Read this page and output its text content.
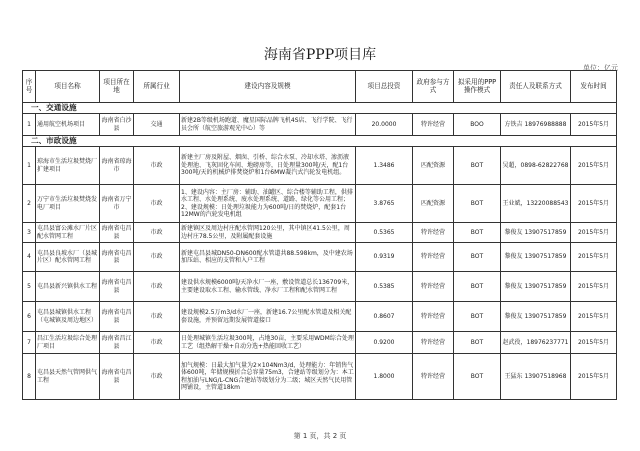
海南省PPP项目库
单位：亿元
序号	项目名称	项目所在地	所属行业	建设内容及规模	项目总投资	政府参与方式	拟采用的PPP操作模式	责任人及联系方式	发布时间
一、交通设施									
1	通用航空机场项目	海南省白沙县	交通	新建2B等级机场跑道、魔星国际品牌飞机4S店、飞行学院、飞行员会所（航空旅游观光中心）等	20.0000	特许经营	BOO	方铁吉 18976988888	2015年5月
二、市政设施									
1	琼海市生活垃圾焚烧厂扩建项目	海南省琼海市	市政	新建主厂房及附屋、烟囱、引桥、综合水泵、冷却水塔、渗沥液处理池、飞灰固化车间、地磅房等，日处理量300吨/天，配1台300吨/天的机械炉排焚烧炉和1台6MW凝汽式汽轮发电机组。	1.3486	匹配资源	BOT	吴超，0898-62822768	2015年5月
2	万宁市生活垃圾焚烧发电厂项目	海南省万宁市	市政	1、建设内容：主厂房：辅助、油罐区、综合楼等辅助工程，供排水工程、水处理系统、废水处理系统、道路、绿化等公用工程；2、建设规模：日处理垃圾能力为600吨/日的焚烧炉，配套1台12MW的汽轮发电机组	3.8765	匹配资源	BOT	王业斌，13220088543	2015年5月
3	屯昌县富公滩水厂片区配水管网工程	海南省屯昌县	市政	新建镇区及周边村庄配水管网120公里，其中镇区41.5公里，周边村庄78.5公里，及附属配套设施	0.5365	特许经营	BOT	黎俊友 13907517859	2015年5月
4	屯昌县良坡水厂（县城片区）配水管网工程	海南省屯昌县	市政	新建屯昌县城DN50-DN600配水管道共88.598km，及中建农场加压站、相应的支管和入户工程	0.9319	特许经营	BOT	黎俊友 13907517859	2015年5月
5	屯昌县新兴镇供水工程	海南省屯昌县	市政	建设供水规模6000吨/天净水厂一座，敷设管道总长136709米，主要建设取水工程、输水管线、净水厂工程和配水管网工程	0.5385	特许经营	BOT	黎俊友 13907517859	2015年5月
6	屯昌县城镇供水工程（屯城镇及周边地区）	海南省屯昌县	市政	建设规模2.5万m3/d水厂一座，新建16.7公里配水管道及相关配套设施，并预留远期发展管道接口	0.8607	特许经营	BOT	黎俊友 13907517859	2015年5月
7	昌江生活垃圾综合处理厂项目	海南省昌江县	市政	日处理城镇生活垃圾300吨，占地30亩，主要采用WDM综合处理工艺（组热解干燥+自动分选+热能回收工艺）	0.9200	特许经营	BOT	赵武役，18976237771	2015年5月
8	屯昌县天然气管网供气工程	海南省屯昌县	市政	加气规模：日最大加气量为2×104Nm3/d，处理能力：年销售气体600吨，年储规模折合总容量75m3，合建站等级划分为：本工程加油与LNG/L-CNG合建站等级划分为二级；城区天然气民用管网铺设，主管道18km	1.8000	特许经营	BOT	王猛东 13907518968	2015年5月
第 1 页，共 2 页
